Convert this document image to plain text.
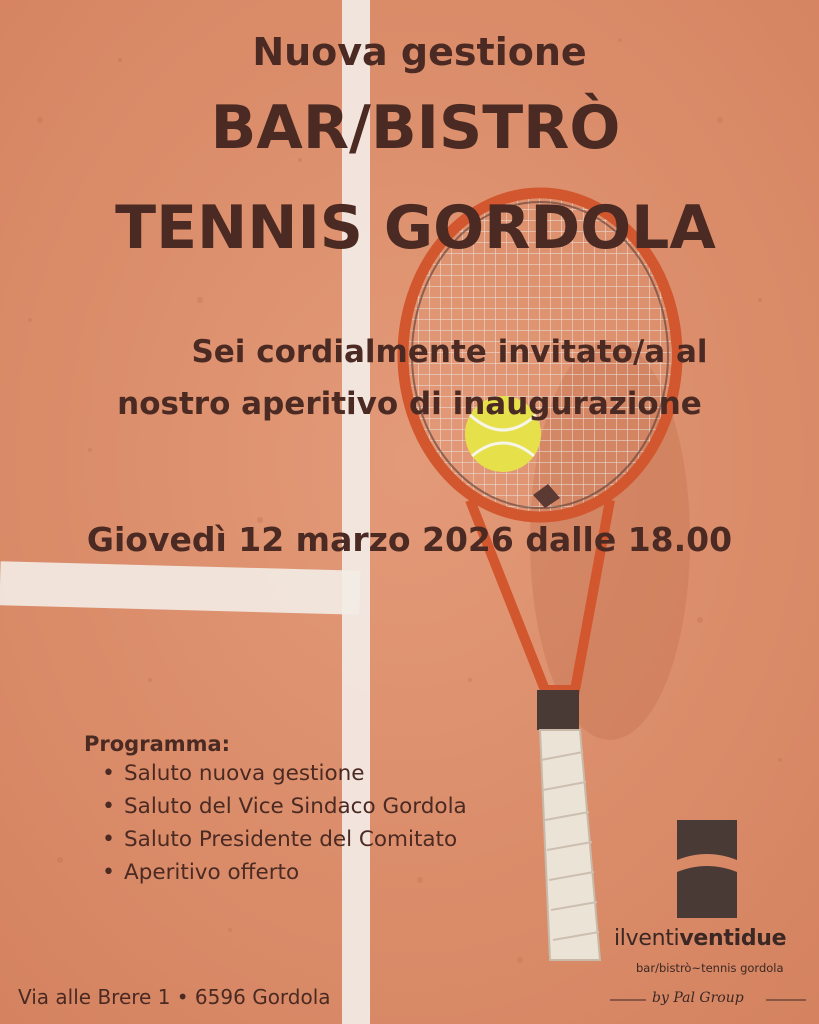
Nuova gestione

BAR/BISTRÒ

TENNIS GORDOLA

Sei cordialmente invitato/a al

nostro aperitivo di inaugurazione

Giovedì 12 marzo 2026 dalle 18.00

Programma:

• Saluto nuova gestione
• Saluto del Vice Sindaco Gordola
• Saluto Presidente del Comitato
• Aperitivo offerto

Via alle Brere 1 • 6596 Gordola

ilventiventidue

bar/bistrò~tennis gordola

by Pal Group
